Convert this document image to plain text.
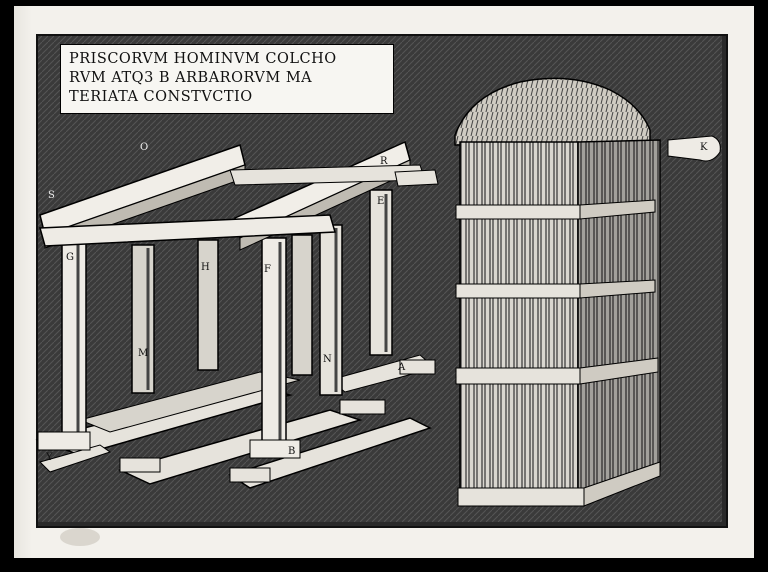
PRISCORVM HOMINVM COLCHO
RVM ATQ3 B ARBARORVM MA
TERIATA CONSTVCTIO
S
O
R
E
G
H	F
M
N
A
Y
B
K
